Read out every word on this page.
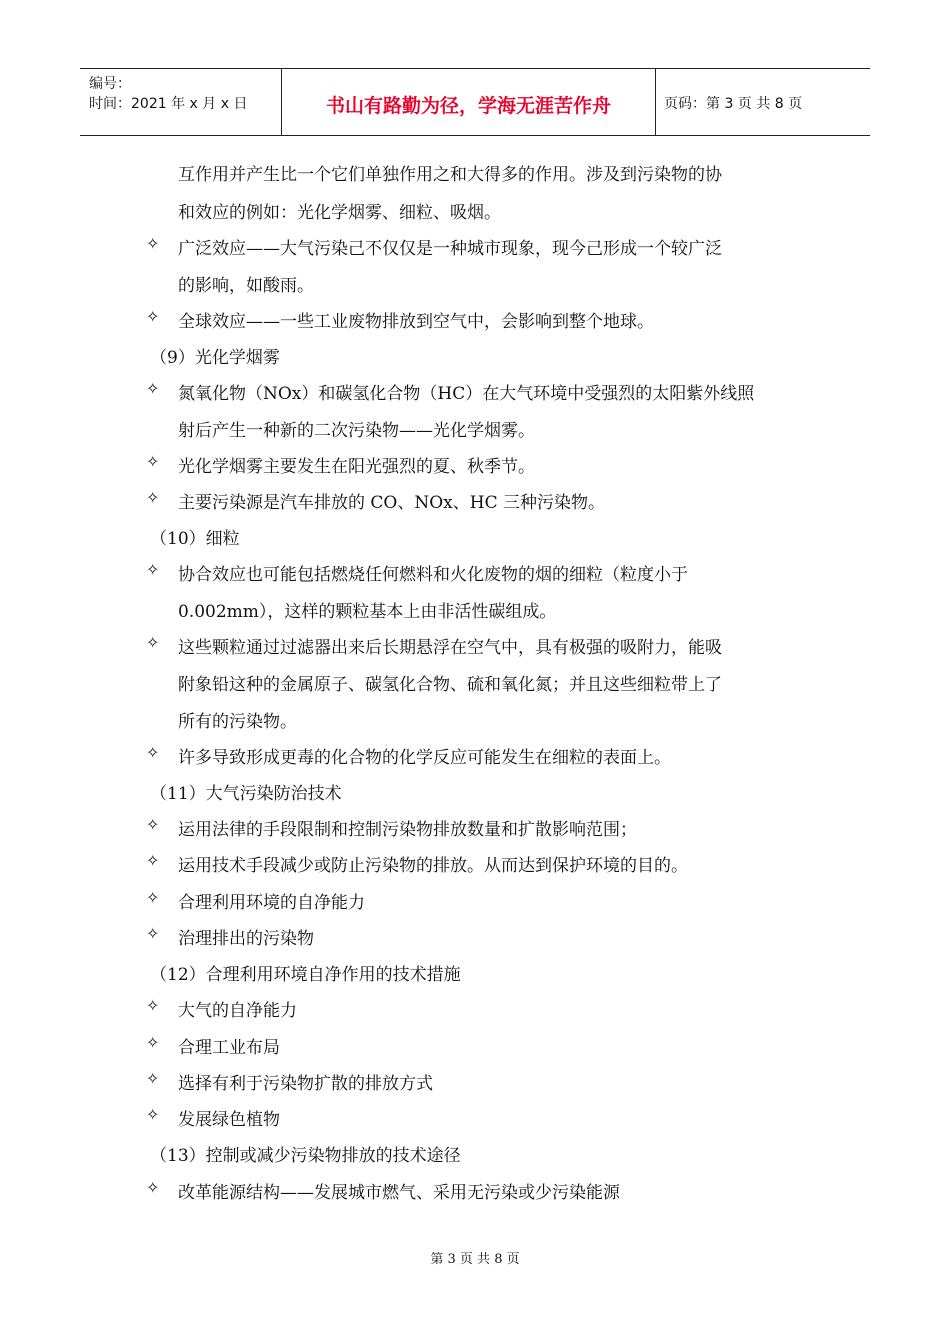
编号：
时间：2021 年 x 月 x 日	书山有路勤为径，学海无涯苦作舟	页码：第 3 页 共 8 页
互作用并产生比一个它们单独作用之和大得多的作用。涉及到污染物的协
和效应的例如：光化学烟雾、细粒、吸烟。
✧ 广泛效应——大气污染己不仅仅是一种城市现象，现今己形成一个较广泛
的影响，如酸雨。
✧ 全球效应——一些工业废物排放到空气中，会影响到整个地球。
（9）光化学烟雾
✧ 氮氧化物（NOx）和碳氢化合物（HC）在大气环境中受强烈的太阳紫外线照
射后产生一种新的二次污染物——光化学烟雾。
✧ 光化学烟雾主要发生在阳光强烈的夏、秋季节。
✧ 主要污染源是汽车排放的 CO、NOx、HC 三种污染物。
（10）细粒
✧ 协合效应也可能包括燃烧任何燃料和火化废物的烟的细粒（粒度小于
0.002mm），这样的颗粒基本上由非活性碳组成。
✧ 这些颗粒通过过滤器出来后长期悬浮在空气中，具有极强的吸附力，能吸
附象铅这种的金属原子、碳氢化合物、硫和氧化氮；并且这些细粒带上了
所有的污染物。
✧ 许多导致形成更毒的化合物的化学反应可能发生在细粒的表面上。
（11）大气污染防治技术
✧ 运用法律的手段限制和控制污染物排放数量和扩散影响范围；
✧ 运用技术手段减少或防止污染物的排放。从而达到保护环境的目的。
✧ 合理利用环境的自净能力
✧ 治理排出的污染物
（12）合理利用环境自净作用的技术措施
✧ 大气的自净能力
✧ 合理工业布局
✧ 选择有利于污染物扩散的排放方式
✧ 发展绿色植物
（13）控制或减少污染物排放的技术途径
✧ 改革能源结构——发展城市燃气、采用无污染或少污染能源
第 3 页 共 8 页
